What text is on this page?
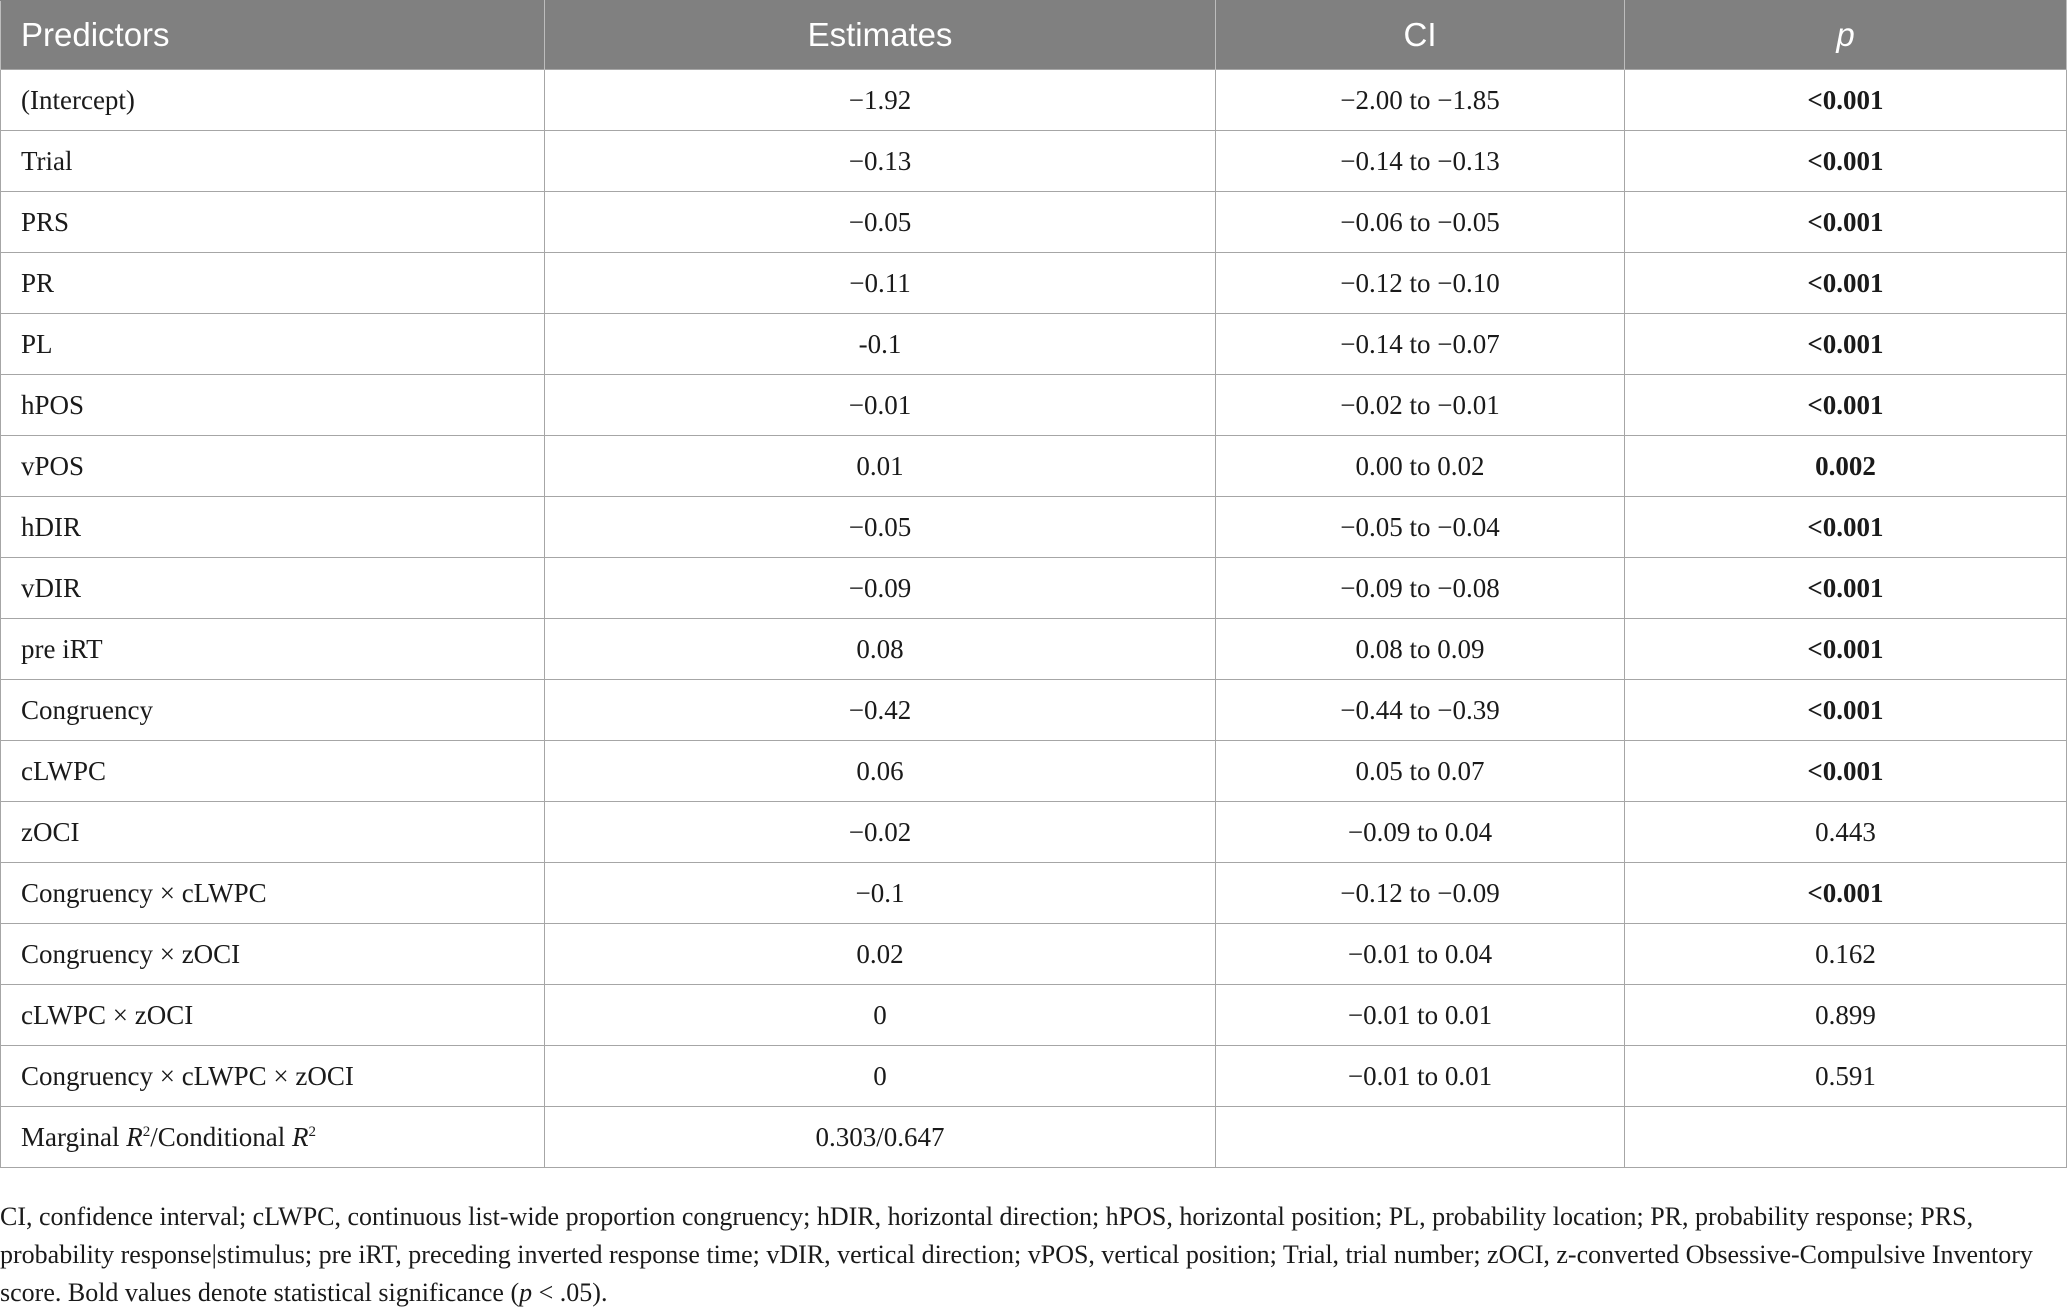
Predictors	Estimates	CI	p
(Intercept)	−1.92	−2.00 to −1.85	<0.001
Trial	−0.13	−0.14 to −0.13	<0.001
PRS	−0.05	−0.06 to −0.05	<0.001
PR	−0.11	−0.12 to −0.10	<0.001
PL	-0.1	−0.14 to −0.07	<0.001
hPOS	−0.01	−0.02 to −0.01	<0.001
vPOS	0.01	0.00 to 0.02	0.002
hDIR	−0.05	−0.05 to −0.04	<0.001
vDIR	−0.09	−0.09 to −0.08	<0.001
pre iRT	0.08	0.08 to 0.09	<0.001
Congruency	−0.42	−0.44 to −0.39	<0.001
cLWPC	0.06	0.05 to 0.07	<0.001
zOCI	−0.02	−0.09 to 0.04	0.443
Congruency × cLWPC	−0.1	−0.12 to −0.09	<0.001
Congruency × zOCI	0.02	−0.01 to 0.04	0.162
cLWPC × zOCI	0	−0.01 to 0.01	0.899
Congruency × cLWPC × zOCI	0	−0.01 to 0.01	0.591
Marginal $R^2$/Conditional $R^2$	0.303/0.647		
CI, confidence interval; cLWPC, continuous list-wide proportion congruency; hDIR, horizontal direction; hPOS, horizontal position; PL, probability location; PR, probability response; PRS, probability response|stimulus; pre iRT, preceding inverted response time; vDIR, vertical direction; vPOS, vertical position; Trial, trial number; zOCI, z-converted Obsessive-Compulsive Inventory score. Bold values denote statistical significance (p < .05).
